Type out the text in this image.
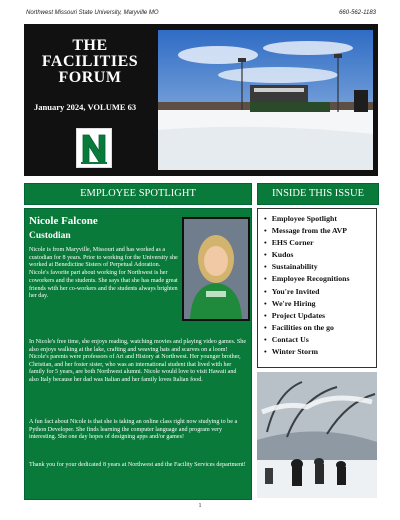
Northwest Missouri State University, Maryville MO	660-562-1183
THE
FACILITIES
FORUM
January 2024, VOLUME 63
EMPLOYEE SPOTLIGHT	INSIDE THIS ISSUE
Nicole Falcone
Custodian
Nicole is from Maryville, Missouri and has worked as a custodian for 8 years. Prior to working for the University she worked at Benedictine Sisters of Perpetual Adoration. Nicole's favorite part about working for Northwest is her coworkers and the students. She says that she has made great friends with her co-workers and the students always brighten her day.
In Nicole's free time, she enjoys reading, watching movies and playing video games. She also enjoys walking at the lake, crafting and weaving hats and scarves on a loom! Nicole's parents were professors of Art and History at Northwest. Her younger brother, Christian, and her foster sister, who was an international student that lived with her family for 5 years, are both Northwest alumni. Nicole would love to visit Hawaii and also Italy because her dad was Italian and her family loves Italian food.
A fun fact about Nicole is that she is taking an online class right now studying to be a Python Developer. She finds learning the computer language and program very interesting. She one day hopes of designing apps and/or games!
Thank you for your dedicated 8 years at Northwest and the Facility Services department!
• Employee Spotlight
• Message from the AVP
• EHS Corner
• Kudos
• Sustainability
• Employee Recognitions
• You're Invited
• We're Hiring
• Project Updates
• Facilities on the go
• Contact Us
• Winter Storm
1
